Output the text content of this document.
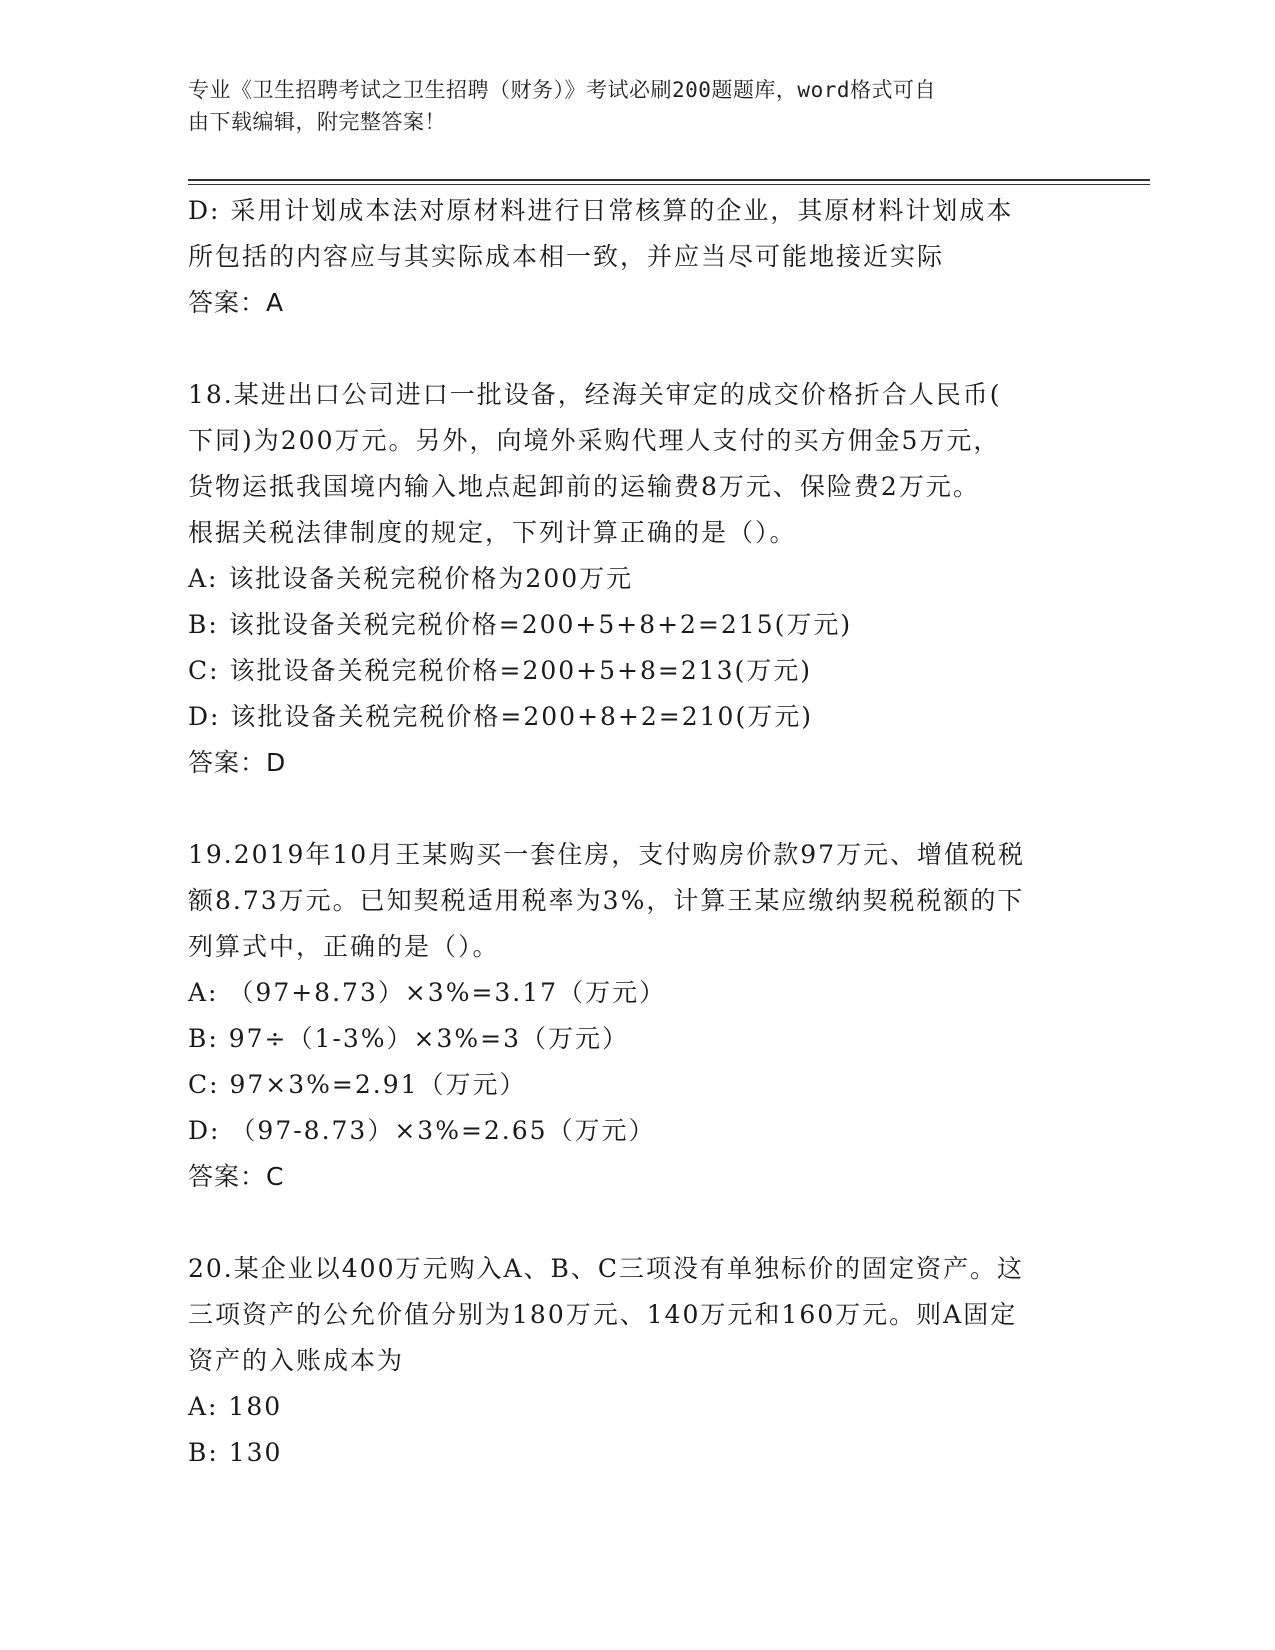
专业《卫生招聘考试之卫生招聘（财务）》考试必刷200题题库，word格式可自
由下载编辑，附完整答案！

D: 采用计划成本法对原材料进行日常核算的企业，其原材料计划成本

所包括的内容应与其实际成本相一致，并应当尽可能地接近实际

答案：A

18.某进出口公司进口一批设备，经海关审定的成交价格折合人民币(

下同)为200万元。另外，向境外采购代理人支付的买方佣金5万元，

货物运抵我国境内输入地点起卸前的运输费8万元、保险费2万元。

根据关税法律制度的规定，下列计算正确的是（）。

A: 该批设备关税完税价格为200万元

B: 该批设备关税完税价格=200+5+8+2=215(万元)

C: 该批设备关税完税价格=200+5+8=213(万元)

D: 该批设备关税完税价格=200+8+2=210(万元)

答案：D

19.2019年10月王某购买一套住房，支付购房价款97万元、增值税税

额8.73万元。已知契税适用税率为3%，计算王某应缴纳契税税额的下

列算式中，正确的是（）。

A: （97+8.73）×3%=3.17（万元）

B: 97÷（1-3%）×3%=3（万元）

C: 97×3%=2.91（万元）

D: （97-8.73）×3%=2.65（万元）

答案：C

20.某企业以400万元购入A、B、C三项没有单独标价的固定资产。这

三项资产的公允价值分别为180万元、140万元和160万元。则A固定

资产的入账成本为

A: 180

B: 130
